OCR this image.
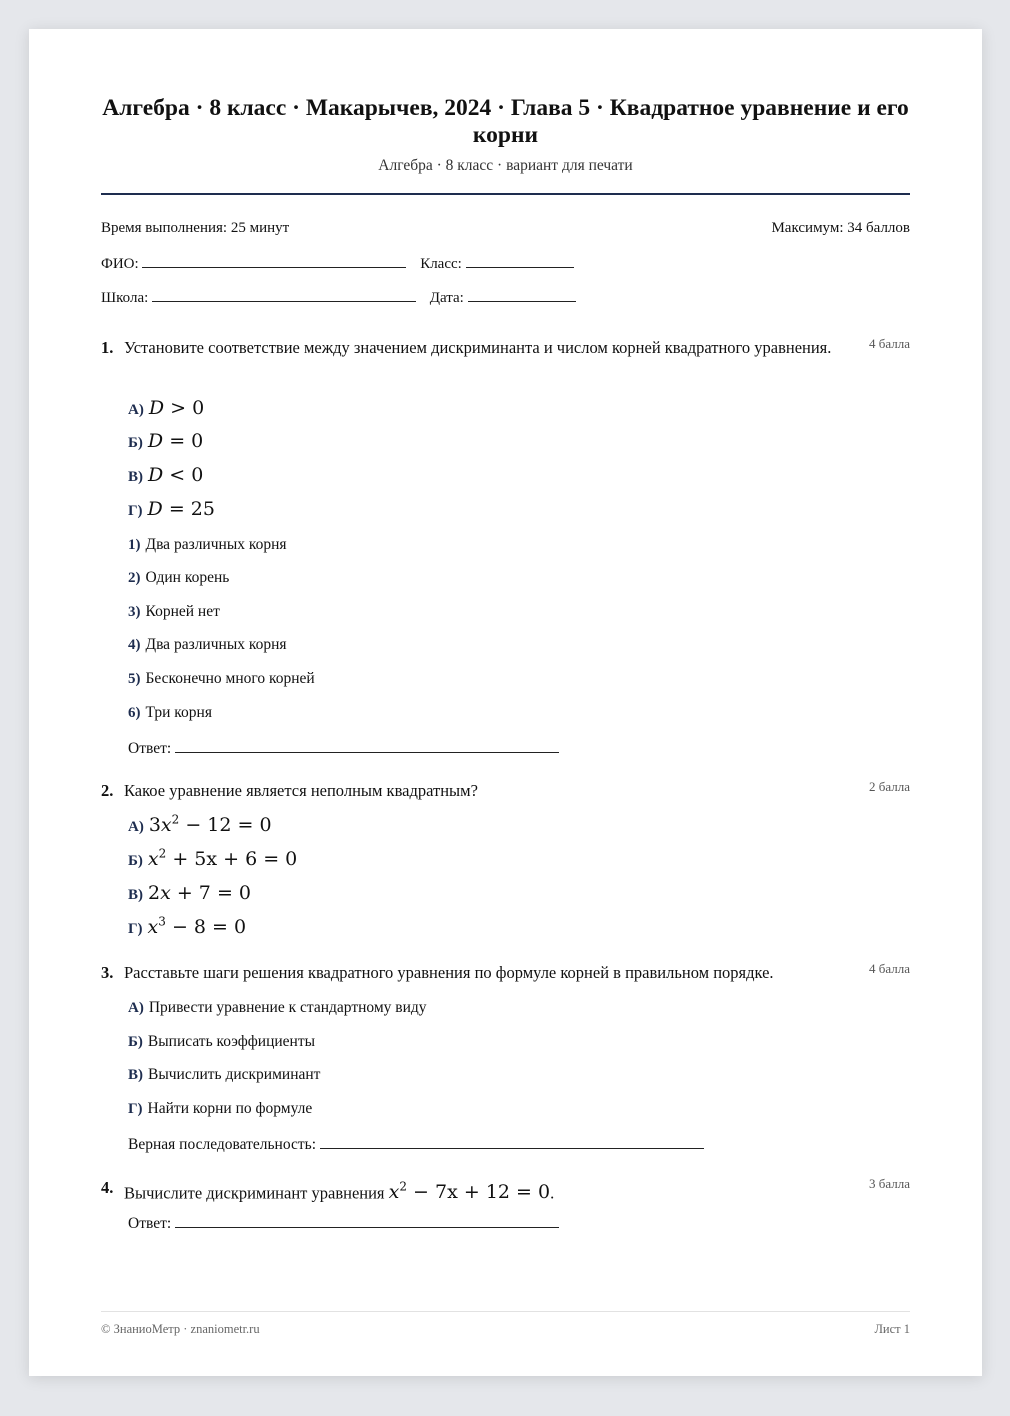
Алгебра · 8 класс · Макарычев, 2024 · Глава 5 · Квадратное уравнение и его корни
Алгебра · 8 класс · вариант для печати
Время выполнения: 25 минут	Максимум: 34 баллов
ФИО:	Класс:
Школа:	Дата:
1. Установите соответствие между значением дискриминанта и числом корней квадратного уравнения.	4 балла
А) D > 0
Б) D = 0
В) D < 0
Г) D = 25
1) Два различных корня
2) Один корень
3) Корней нет
4) Два различных корня
5) Бесконечно много корней
6) Три корня
Ответ:
2. Какое уравнение является неполным квадратным?	2 балла
А) $3x^2 - 12 = 0$
Б) $x^2 + 5x + 6 = 0$
В) 2x + 7 = 0
Г) $x^3 - 8 = 0$
3. Расставьте шаги решения квадратного уравнения по формуле корней в правильном порядке.	4 балла
А) Привести уравнение к стандартному виду
Б) Выписать коэффициенты
В) Вычислить дискриминант
Г) Найти корни по формуле
Верная последовательность:
4. Вычислите дискриминант уравнения $x^2 - 7x + 12 = 0$.	3 балла
Ответ:
© ЗнаниоМетр · znaniometr.ru	Лист 1
